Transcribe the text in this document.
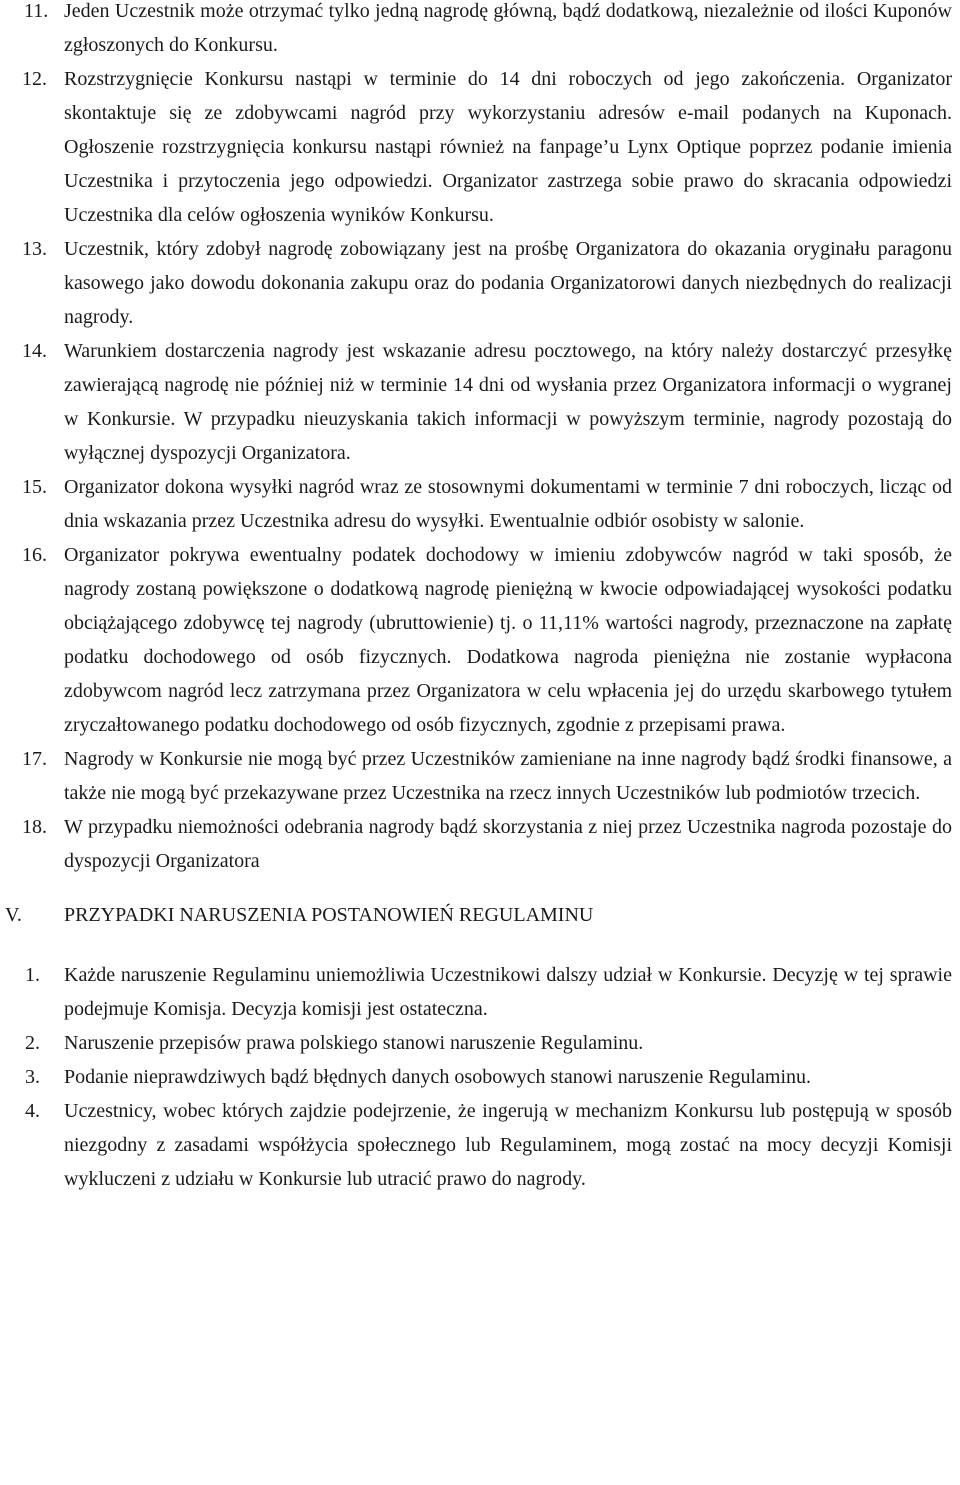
11. Jeden Uczestnik może otrzymać tylko jedną nagrodę główną, bądź dodatkową, niezależnie od ilości Kuponów zgłoszonych do Konkursu.
12. Rozstrzygnięcie Konkursu nastąpi w terminie do 14 dni roboczych od jego zakończenia. Organizator skontaktuje się ze zdobywcami nagród przy wykorzystaniu adresów e-mail podanych na Kuponach. Ogłoszenie rozstrzygnięcia konkursu nastąpi również na fanpage’u Lynx Optique poprzez podanie imienia Uczestnika i przytoczenia jego odpowiedzi. Organizator zastrzega sobie prawo do skracania odpowiedzi Uczestnika dla celów ogłoszenia wyników Konkursu.
13. Uczestnik, który zdobył nagrodę zobowiązany jest na prośbę Organizatora do okazania oryginału paragonu kasowego jako dowodu dokonania zakupu oraz do podania Organizatorowi danych niezbędnych do realizacji nagrody.
14. Warunkiem dostarczenia nagrody jest wskazanie adresu pocztowego, na który należy dostarczyć przesyłkę zawierającą nagrodę nie później niż w terminie 14 dni od wysłania przez Organizatora informacji o wygranej w Konkursie. W przypadku nieuzyskania takich informacji w powyższym terminie, nagrody pozostają do wyłącznej dyspozycji Organizatora.
15. Organizator dokona wysyłki nagród wraz ze stosownymi dokumentami w terminie 7 dni roboczych, licząc od dnia wskazania przez Uczestnika adresu do wysyłki. Ewentualnie odbiór osobisty w salonie.
16. Organizator pokrywa ewentualny podatek dochodowy w imieniu zdobywców nagród w taki sposób, że nagrody zostaną powiększone o dodatkową nagrodę pieniężną w kwocie odpowiadającej wysokości podatku obciążającego zdobywcę tej nagrody (ubruttowienie) tj. o 11,11% wartości nagrody, przeznaczone na zapłatę podatku dochodowego od osób fizycznych. Dodatkowa nagroda pieniężna nie zostanie wypłacona zdobywcom nagród lecz zatrzymana przez Organizatora w celu wpłacenia jej do urzędu skarbowego tytułem zryczałtowanego podatku dochodowego od osób fizycznych, zgodnie z przepisami prawa.
17. Nagrody w Konkursie nie mogą być przez Uczestników zamieniane na inne nagrody bądź środki finansowe, a także nie mogą być przekazywane przez Uczestnika na rzecz innych Uczestników lub podmiotów trzecich.
18. W przypadku niemożności odebrania nagrody bądź skorzystania z niej przez Uczestnika nagroda pozostaje do dyspozycji Organizatora
V. PRZYPADKI NARUSZENIA POSTANOWIEŃ REGULAMINU
1. Każde naruszenie Regulaminu uniemożliwia Uczestnikowi dalszy udział w Konkursie. Decyzję w tej sprawie podejmuje Komisja. Decyzja komisji jest ostateczna.
2. Naruszenie przepisów prawa polskiego stanowi naruszenie Regulaminu.
3. Podanie nieprawdziwych bądź błędnych danych osobowych stanowi naruszenie Regulaminu.
4. Uczestnicy, wobec których zajdzie podejrzenie, że ingerują w mechanizm Konkursu lub postępują w sposób niezgodny z zasadami współżycia społecznego lub Regulaminem, mogą zostać na mocy decyzji Komisji wykluczeni z udziału w Konkursie lub utracić prawo do nagrody.
